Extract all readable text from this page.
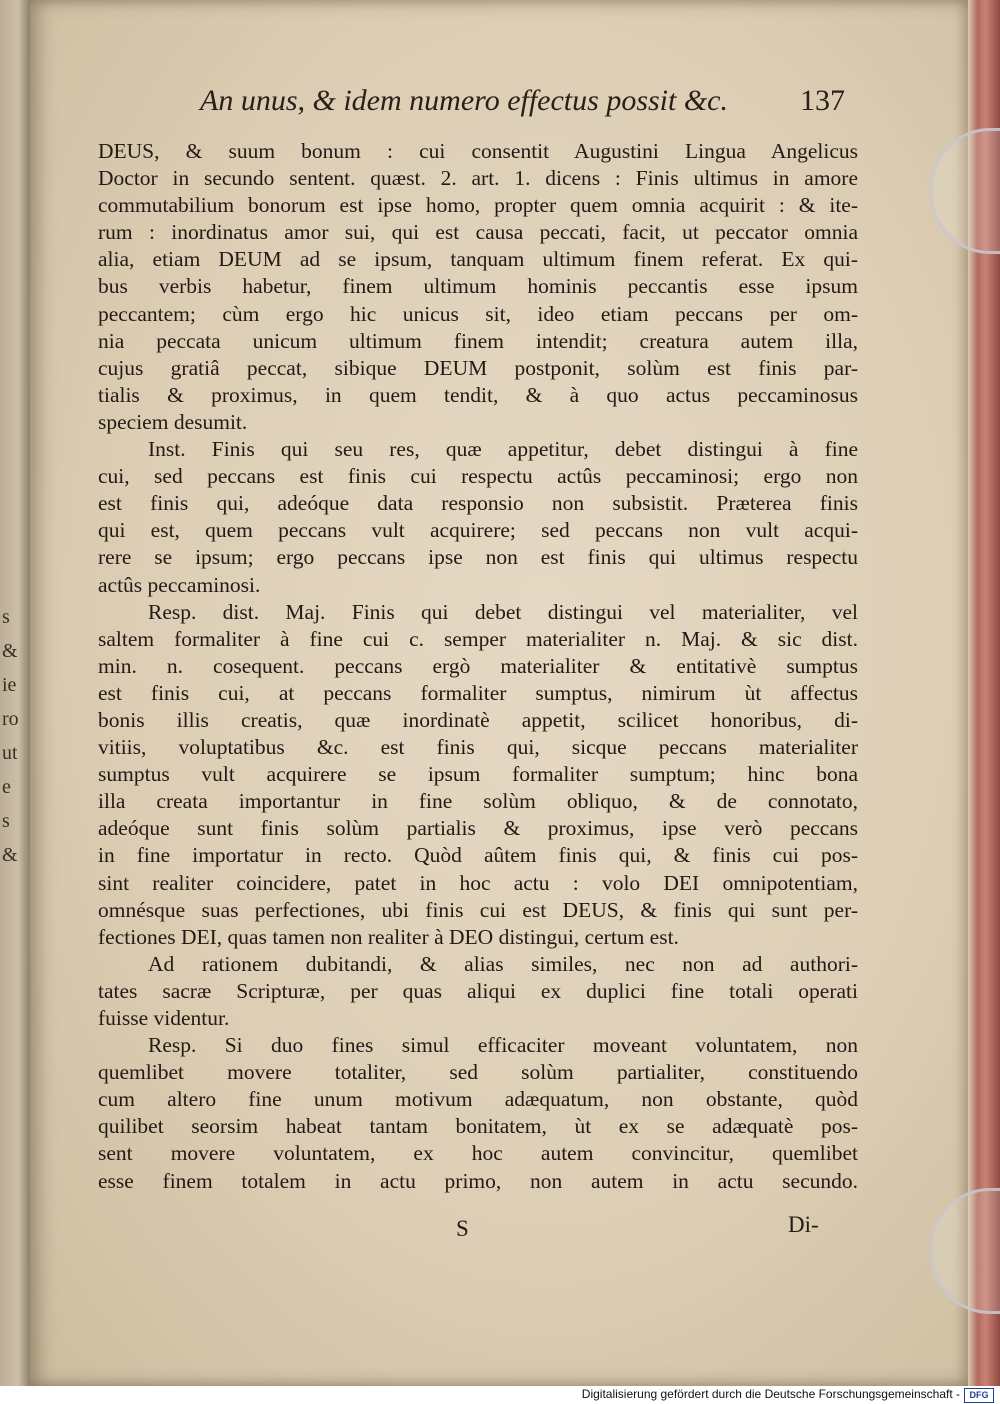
s
&
ie
ro
ut
e
s
&
An unus, & idem numero effectus possit &c. 137
DEUS, & suum bonum : cui consentit Augustini Lingua Angelicus
Doctor in secundo sentent. quæst. 2. art. 1. dicens : Finis ultimus in amore
commutabilium bonorum est ipse homo, propter quem omnia acquirit : & ite-
rum : inordinatus amor sui, qui est causa peccati, facit, ut peccator omnia
alia, etiam DEUM ad se ipsum, tanquam ultimum finem referat. Ex qui-
bus verbis habetur, finem ultimum hominis peccantis esse ipsum
peccantem; cùm ergo hic unicus sit, ideo etiam peccans per om-
nia peccata unicum ultimum finem intendit; creatura autem illa,
cujus gratiâ peccat, sibique DEUM postponit, solùm est finis par-
tialis & proximus, in quem tendit, & à quo actus peccaminosus
speciem desumit.
Inst. Finis qui seu res, quæ appetitur, debet distingui à fine
cui, sed peccans est finis cui respectu actûs peccaminosi; ergo non
est finis qui, adeóque data responsio non subsistit. Præterea finis
qui est, quem peccans vult acquirere; sed peccans non vult acqui-
rere se ipsum; ergo peccans ipse non est finis qui ultimus respectu
actûs peccaminosi.
Resp. dist. Maj. Finis qui debet distingui vel materialiter, vel
saltem formaliter à fine cui c. semper materialiter n. Maj. & sic dist.
min. n. cosequent. peccans ergò materialiter & entitativè sumptus
est finis cui, at peccans formaliter sumptus, nimirum ùt affectus
bonis illis creatis, quæ inordinatè appetit, scilicet honoribus, di-
vitiis, voluptatibus &c. est finis qui, sicque peccans materialiter
sumptus vult acquirere se ipsum formaliter sumptum; hinc bona
illa creata importantur in fine solùm obliquo, & de connotato,
adeóque sunt finis solùm partialis & proximus, ipse verò peccans
in fine importatur in recto. Quòd aûtem finis qui, & finis cui pos-
sint realiter coincidere, patet in hoc actu : volo DEI omnipotentiam,
omnésque suas perfectiones, ubi finis cui est DEUS, & finis qui sunt per-
fectiones DEI, quas tamen non realiter à DEO distingui, certum est.
Ad rationem dubitandi, & alias similes, nec non ad authori-
tates sacræ Scripturæ, per quas aliqui ex duplici fine totali operati
fuisse videntur.
Resp. Si duo fines simul efficaciter moveant voluntatem, non
quemlibet movere totaliter, sed solùm partialiter, constituendo
cum altero fine unum motivum adæquatum, non obstante, quòd
quilibet seorsim habeat tantam bonitatem, ùt ex se adæquatè pos-
sent movere voluntatem, ex hoc autem convincitur, quemlibet
esse finem totalem in actu primo, non autem in actu secundo.
S	Di-
Digitalisierung gefördert durch die Deutsche Forschungsgemeinschaft -	DFG
